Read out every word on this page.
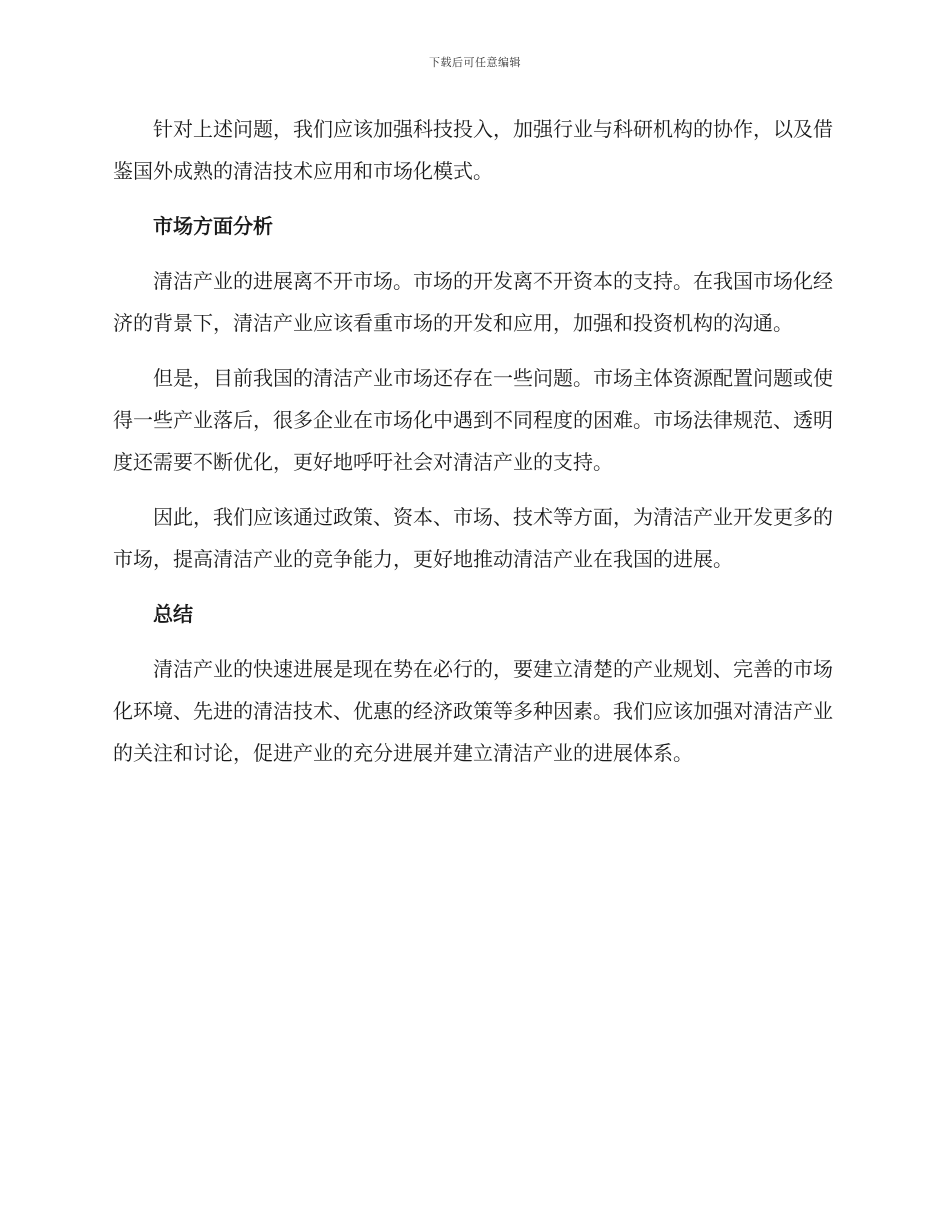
下载后可任意编辑

针对上述问题，我们应该加强科技投入，加强行业与科研机构的协作，以及借鉴国外成熟的清洁技术应用和市场化模式。

市场方面分析

清洁产业的进展离不开市场。市场的开发离不开资本的支持。在我国市场化经济的背景下，清洁产业应该看重市场的开发和应用，加强和投资机构的沟通。

但是，目前我国的清洁产业市场还存在一些问题。市场主体资源配置问题或使得一些产业落后，很多企业在市场化中遇到不同程度的困难。市场法律规范、透明度还需要不断优化，更好地呼吁社会对清洁产业的支持。

因此，我们应该通过政策、资本、市场、技术等方面，为清洁产业开发更多的市场，提高清洁产业的竞争能力，更好地推动清洁产业在我国的进展。

总结

清洁产业的快速进展是现在势在必行的，要建立清楚的产业规划、完善的市场化环境、先进的清洁技术、优惠的经济政策等多种因素。我们应该加强对清洁产业的关注和讨论，促进产业的充分进展并建立清洁产业的进展体系。
